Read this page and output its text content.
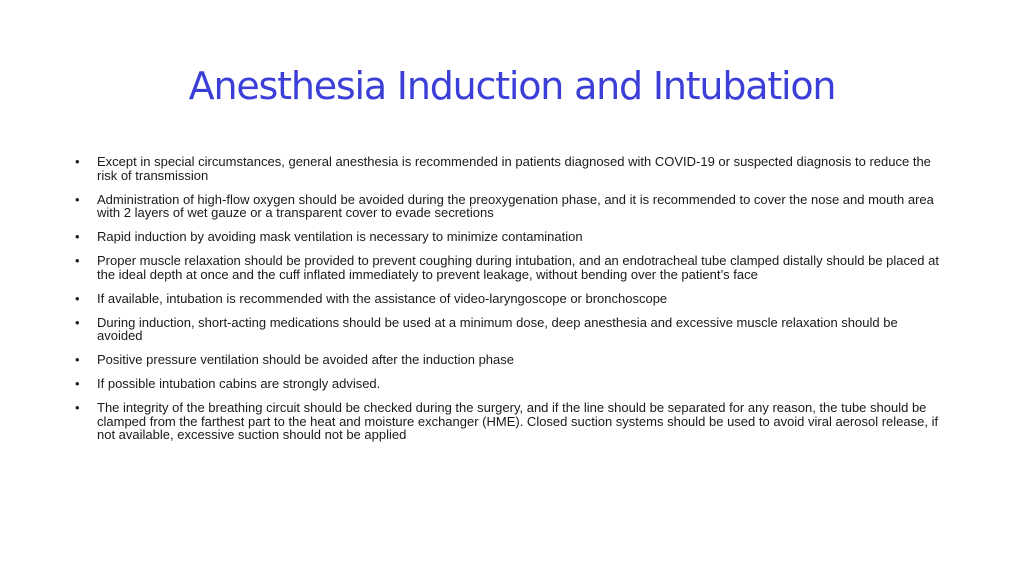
Anesthesia Induction and Intubation
• Except in special circumstances, general anesthesia is recommended in patients diagnosed with COVID-19 or suspected diagnosis to reduce the risk of transmission
• Administration of high-flow oxygen should be avoided during the preoxygenation phase, and it is recommended to cover the nose and mouth area with 2 layers of wet gauze or a transparent cover to evade secretions
• Rapid induction by avoiding mask ventilation is necessary to minimize contamination
• Proper muscle relaxation should be provided to prevent coughing during intubation, and an endotracheal tube clamped distally should be placed at the ideal depth at once and the cuff inflated immediately to prevent leakage, without bending over the patient’s face
• If available, intubation is recommended with the assistance of video-laryngoscope or bronchoscope
• During induction, short-acting medications should be used at a minimum dose, deep anesthesia and excessive muscle relaxation should be avoided
• Positive pressure ventilation should be avoided after the induction phase
• If possible intubation cabins are strongly advised.
• The integrity of the breathing circuit should be checked during the surgery, and if the line should be separated for any reason, the tube should be clamped from the farthest part to the heat and moisture exchanger (HME). Closed suction systems should be used to avoid viral aerosol release, if not available, excessive suction should not be applied
